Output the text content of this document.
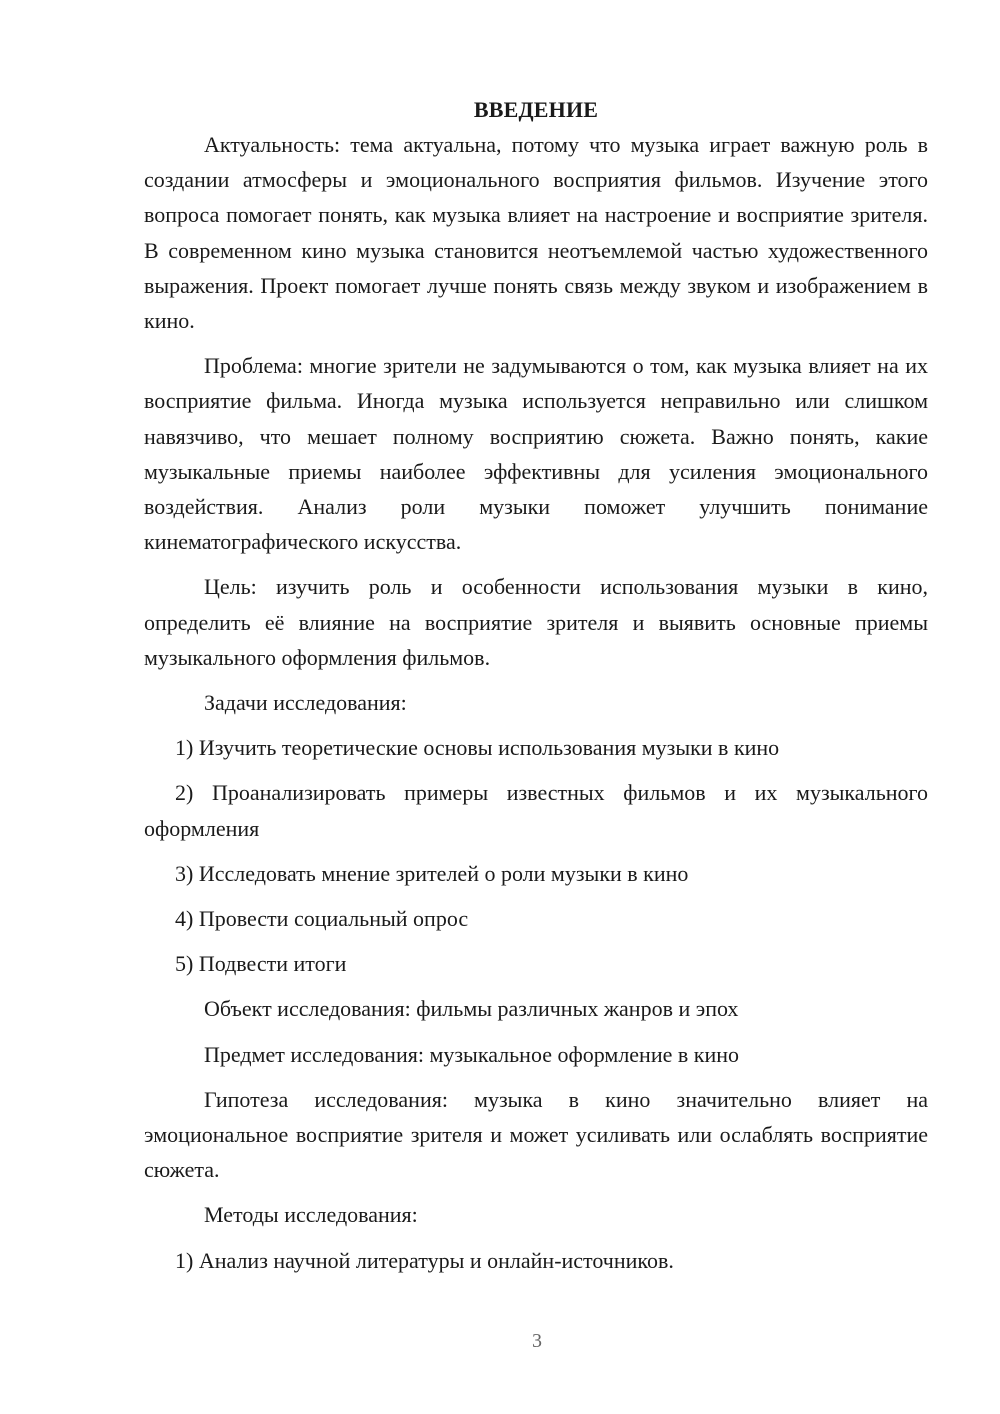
ВВЕДЕНИЕ

Актуальность: тема актуальна, потому что музыка играет важную роль в создании атмосферы и эмоционального восприятия фильмов. Изучение этого вопроса помогает понять, как музыка влияет на настроение и восприятие зрителя. В современном кино музыка становится неотъемлемой частью художественного выражения. Проект помогает лучше понять связь между звуком и изображением в кино.

Проблема: многие зрители не задумываются о том, как музыка влияет на их восприятие фильма. Иногда музыка используется неправильно или слишком навязчиво, что мешает полному восприятию сюжета. Важно понять, какие музыкальные приемы наиболее эффективны для усиления эмоционального воздействия. Анализ роли музыки поможет улучшить понимание кинематографического искусства.

Цель: изучить роль и особенности использования музыки в кино, определить её влияние на восприятие зрителя и выявить основные приемы музыкального оформления фильмов.

Задачи исследования:

1) Изучить теоретические основы использования музыки в кино

2) Проанализировать примеры известных фильмов и их музыкального оформления

3) Исследовать мнение зрителей о роли музыки в кино

4) Провести социальный опрос

5) Подвести итоги

Объект исследования: фильмы различных жанров и эпох

Предмет исследования: музыкальное оформление в кино

Гипотеза исследования: музыка в кино значительно влияет на эмоциональное восприятие зрителя и может усиливать или ослаблять восприятие сюжета.

Методы исследования:

1) Анализ научной литературы и онлайн-источников.

3
